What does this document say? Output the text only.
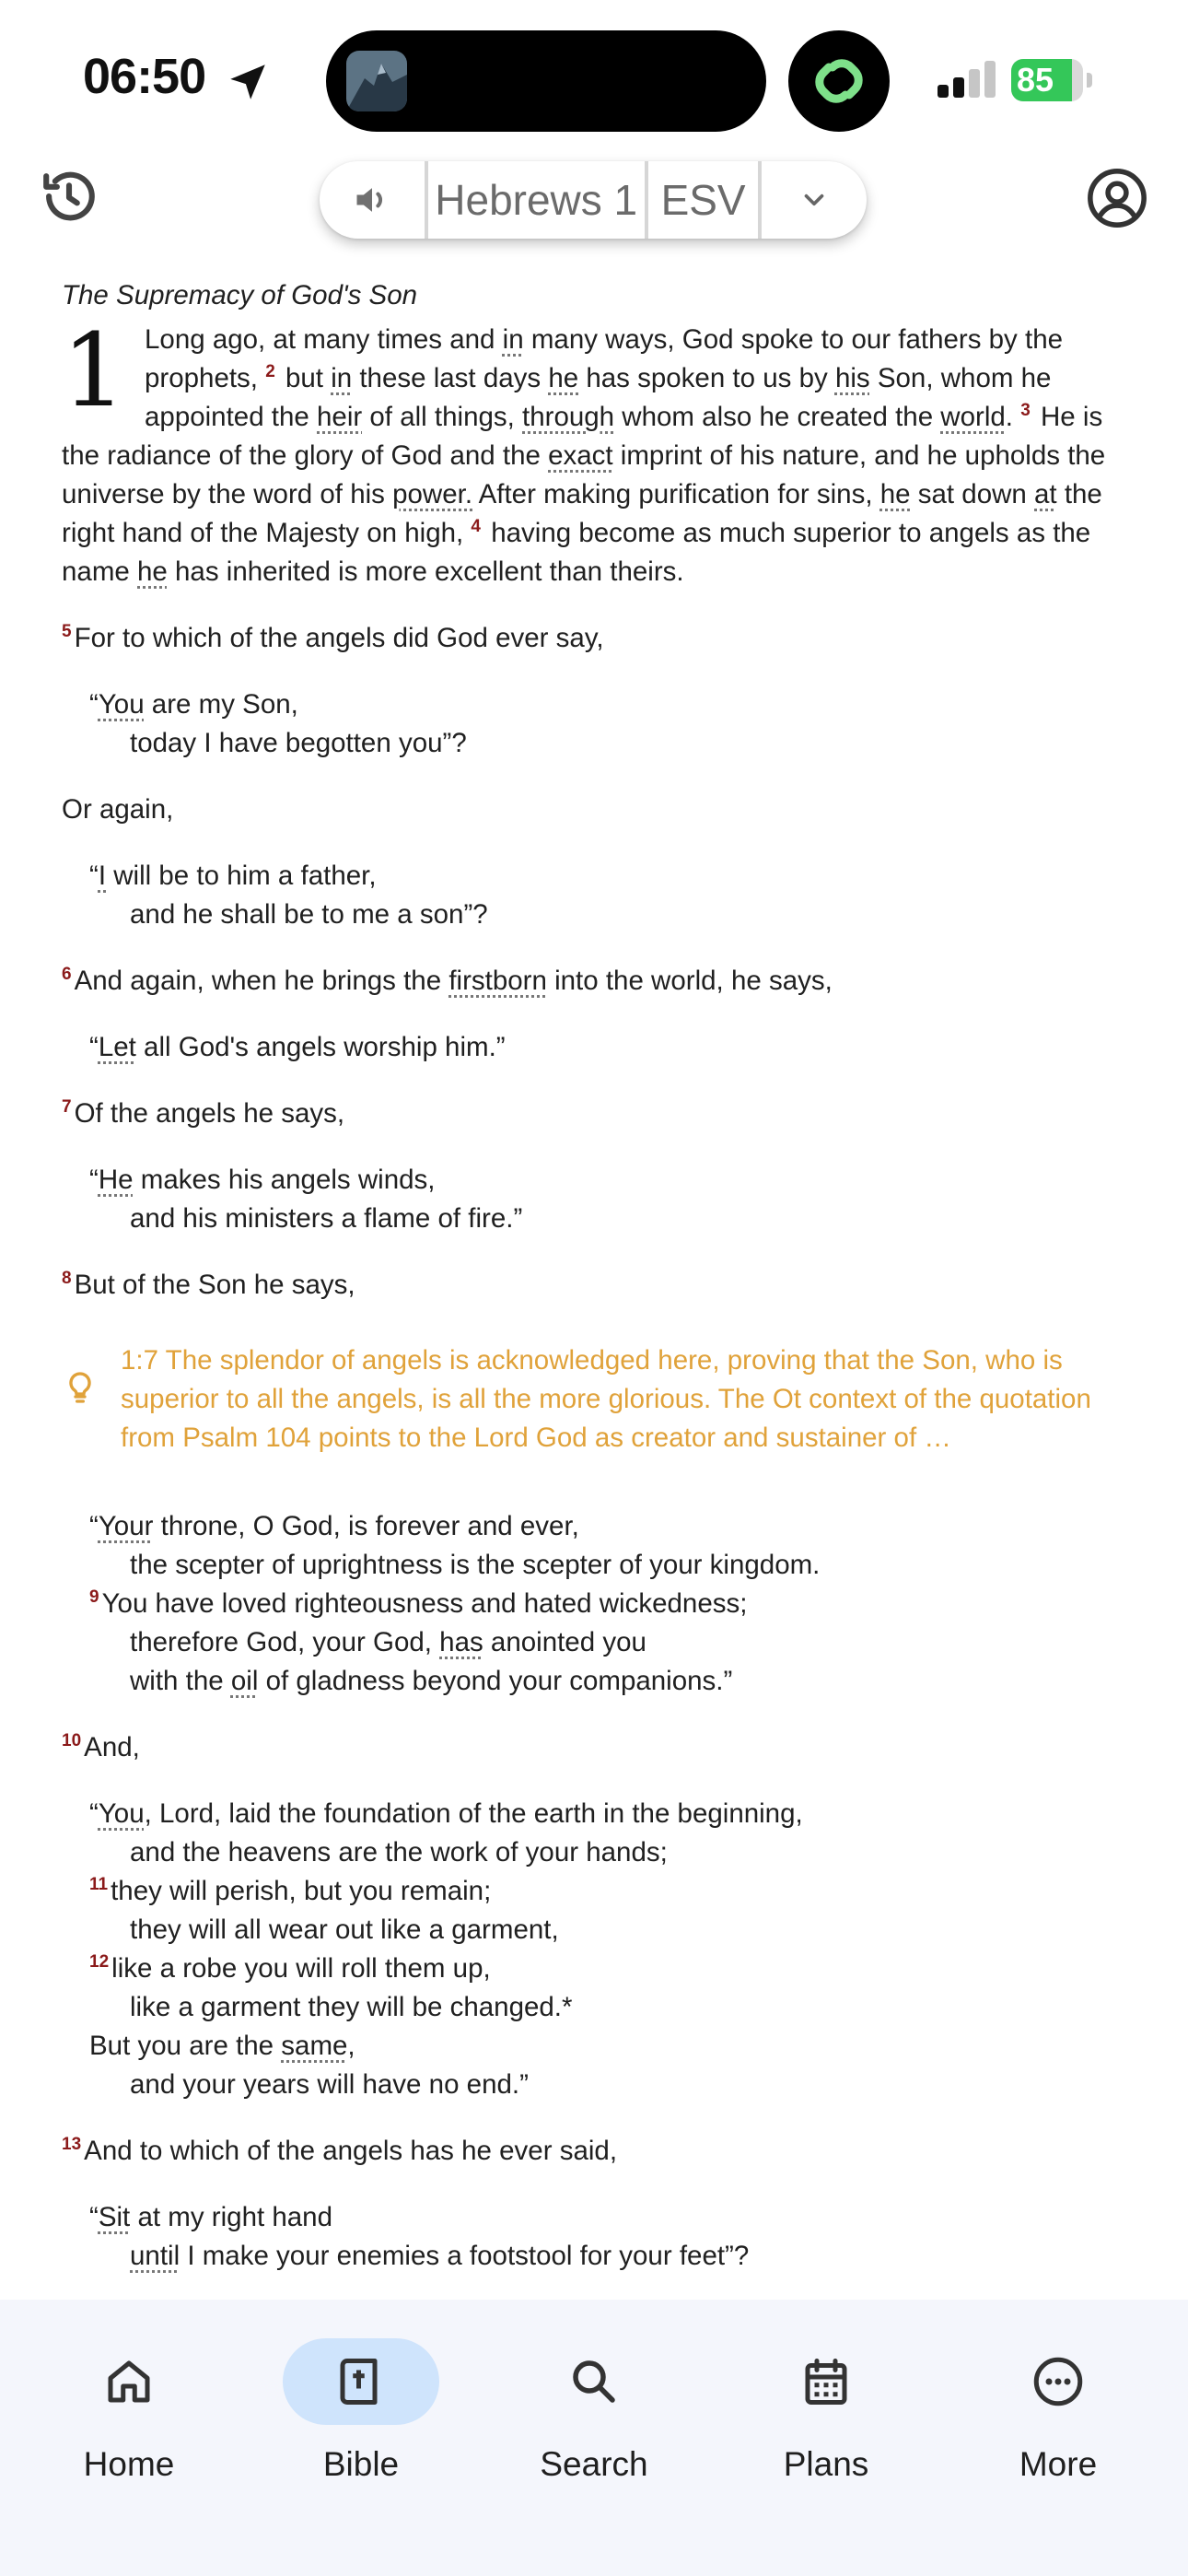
06:50	85
Hebrews 1 ESV
The Supremacy of God's Son

1 Long ago, at many times and in many ways, God spoke to our fathers by the prophets, $^2$ but in these last days he has spoken to us by his Son, whom he appointed the heir of all things, through whom also he created the world. $^3$ He is the radiance of the glory of God and the exact imprint of his nature, and he upholds the universe by the word of his power. After making purification for sins, he sat down at the right hand of the Majesty on high, $^4$ having become as much superior to angels as the name he has inherited is more excellent than theirs.

$^5$ For to which of the angels did God ever say,

“You are my Son,
today I have begotten you”?

Or again,

“I will be to him a father,
and he shall be to me a son”?

$^6$ And again, when he brings the firstborn into the world, he says,

“Let all God's angels worship him.”

$^7$ Of the angels he says,

“He makes his angels winds,
and his ministers a flame of fire.”

$^8$ But of the Son he says,

1:7 The splendor of angels is acknowledged here, proving that the Son, who is superior to all the angels, is all the more glorious. The Ot context of the quotation from Psalm 104 points to the Lord God as creator and sustainer of …
“Your throne, O God, is forever and ever,
the scepter of uprightness is the scepter of your kingdom.
$^9$ You have loved righteousness and hated wickedness;
therefore God, your God, has anointed you
with the oil of gladness beyond your companions.”

$^{10}$ And,

“You, Lord, laid the foundation of the earth in the beginning,
and the heavens are the work of your hands;
$^{11}$ they will perish, but you remain;
they will all wear out like a garment,
$^{12}$ like a robe you will roll them up,
like a garment they will be changed.*
But you are the same,
and your years will have no end.”

$^{13}$ And to which of the angels has he ever said,

“Sit at my right hand
until I make your enemies a footstool for your feet”?
Home	Bible	Search	Plans	More
